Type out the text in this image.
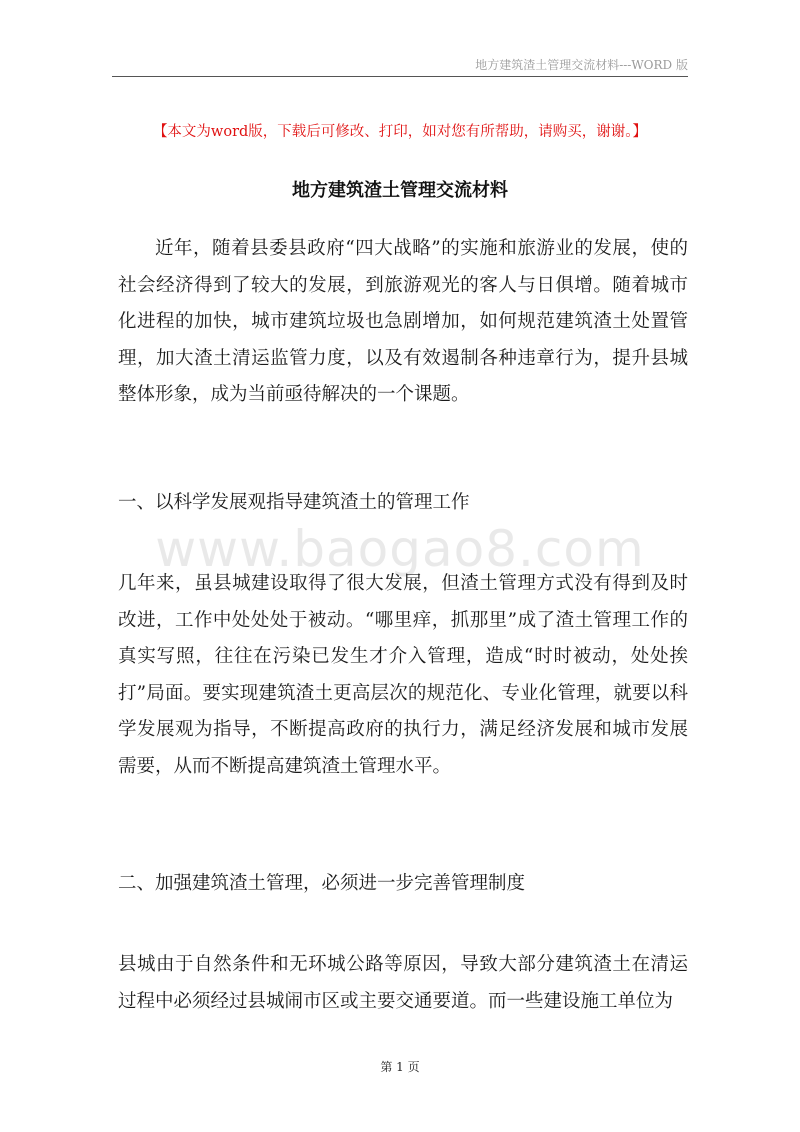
地方建筑渣土管理交流材料---WORD 版
【本文为word版，下载后可修改、打印，如对您有所帮助，请购买，谢谢。】
地方建筑渣土管理交流材料
www.baogao8.com

近年，随着县委县政府“四大战略”的实施和旅游业的发展，使的社会经济得到了较大的发展，到旅游观光的客人与日俱增。随着城市化进程的加快，城市建筑垃圾也急剧增加，如何规范建筑渣土处置管理，加大渣土清运监管力度，以及有效遏制各种违章行为，提升县城整体形象，成为当前亟待解决的一个课题。

一、以科学发展观指导建筑渣土的管理工作

几年来，虽县城建设取得了很大发展，但渣土管理方式没有得到及时改进，工作中处处处于被动。“哪里痒，抓那里”成了渣土管理工作的真实写照，往往在污染已发生才介入管理，造成“时时被动，处处挨打”局面。要实现建筑渣土更高层次的规范化、专业化管理，就要以科学发展观为指导，不断提高政府的执行力，满足经济发展和城市发展需要，从而不断提高建筑渣土管理水平。

二、加强建筑渣土管理，必须进一步完善管理制度

县城由于自然条件和无环城公路等原因，导致大部分建筑渣土在清运过程中必须经过县城闹市区或主要交通要道。而一些建设施工单位为

第 1 页
